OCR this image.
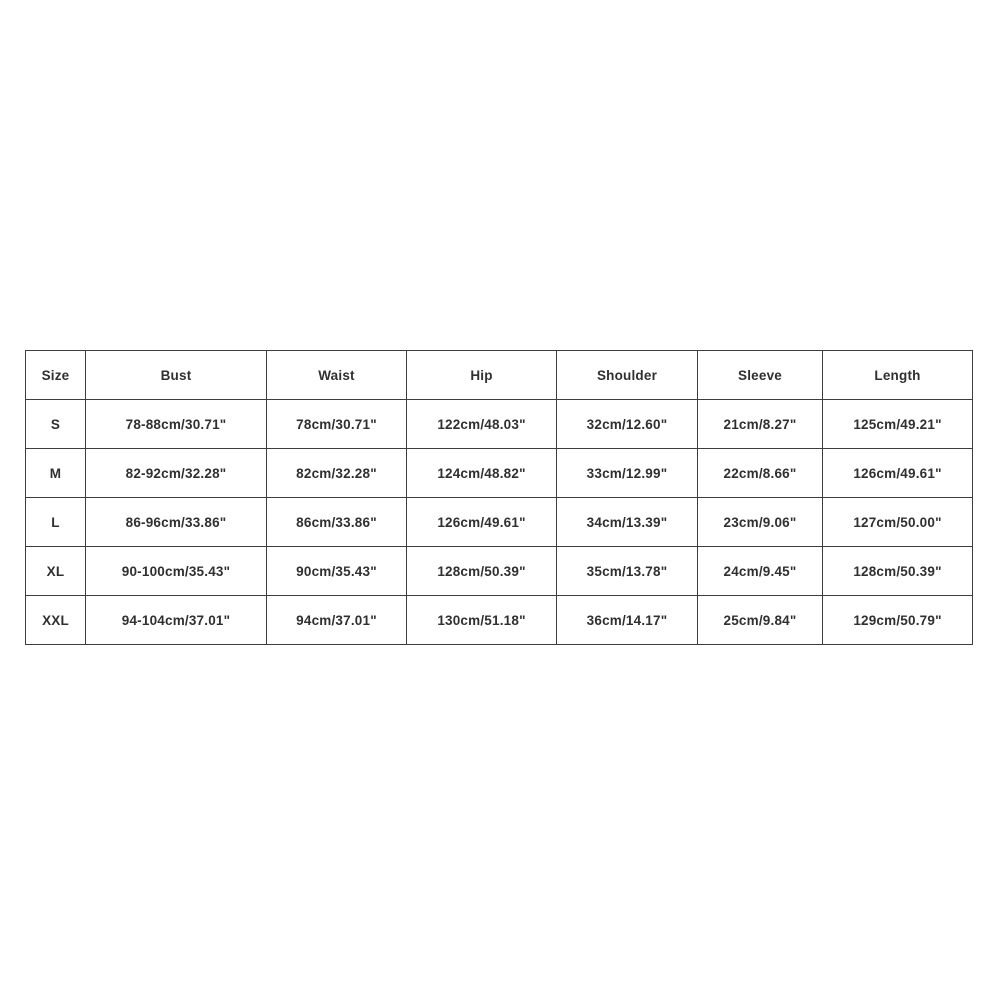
Size	Bust	Waist	Hip	Shoulder	Sleeve	Length
S	78-88cm/30.71"	78cm/30.71"	122cm/48.03"	32cm/12.60"	21cm/8.27"	125cm/49.21"
M	82-92cm/32.28"	82cm/32.28"	124cm/48.82"	33cm/12.99"	22cm/8.66"	126cm/49.61"
L	86-96cm/33.86"	86cm/33.86"	126cm/49.61"	34cm/13.39"	23cm/9.06"	127cm/50.00"
XL	90-100cm/35.43"	90cm/35.43"	128cm/50.39"	35cm/13.78"	24cm/9.45"	128cm/50.39"
XXL	94-104cm/37.01"	94cm/37.01"	130cm/51.18"	36cm/14.17"	25cm/9.84"	129cm/50.79"
